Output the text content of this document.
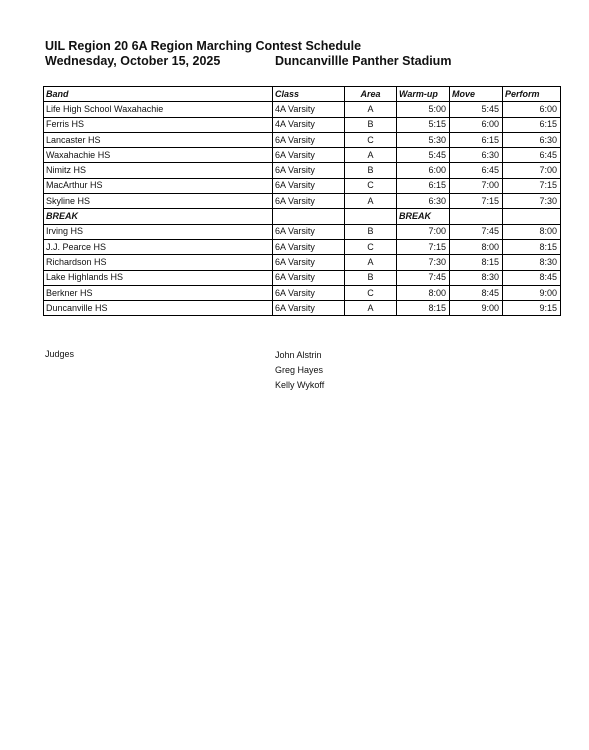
UIL Region 20 6A Region Marching Contest Schedule
Wednesday, October 15, 2025	Duncanvillle Panther Stadium
Band	Class	Area	Warm-up	Move	Perform
Life High School Waxahachie	4A Varsity	A	5:00	5:45	6:00
Ferris HS	4A Varsity	B	5:15	6:00	6:15
Lancaster HS	6A Varsity	C	5:30	6:15	6:30
Waxahachie HS	6A Varsity	A	5:45	6:30	6:45
Nimitz HS	6A Varsity	B	6:00	6:45	7:00
MacArthur HS	6A Varsity	C	6:15	7:00	7:15
Skyline HS	6A Varsity	A	6:30	7:15	7:30
BREAK			BREAK		
Irving HS	6A Varsity	B	7:00	7:45	8:00
J.J. Pearce HS	6A Varsity	C	7:15	8:00	8:15
Richardson HS	6A Varsity	A	7:30	8:15	8:30
Lake Highlands HS	6A Varsity	B	7:45	8:30	8:45
Berkner HS	6A Varsity	C	8:00	8:45	9:00
Duncanville HS	6A Varsity	A	8:15	9:00	9:15
Judges	John Alstrin
Greg Hayes
Kelly Wykoff
